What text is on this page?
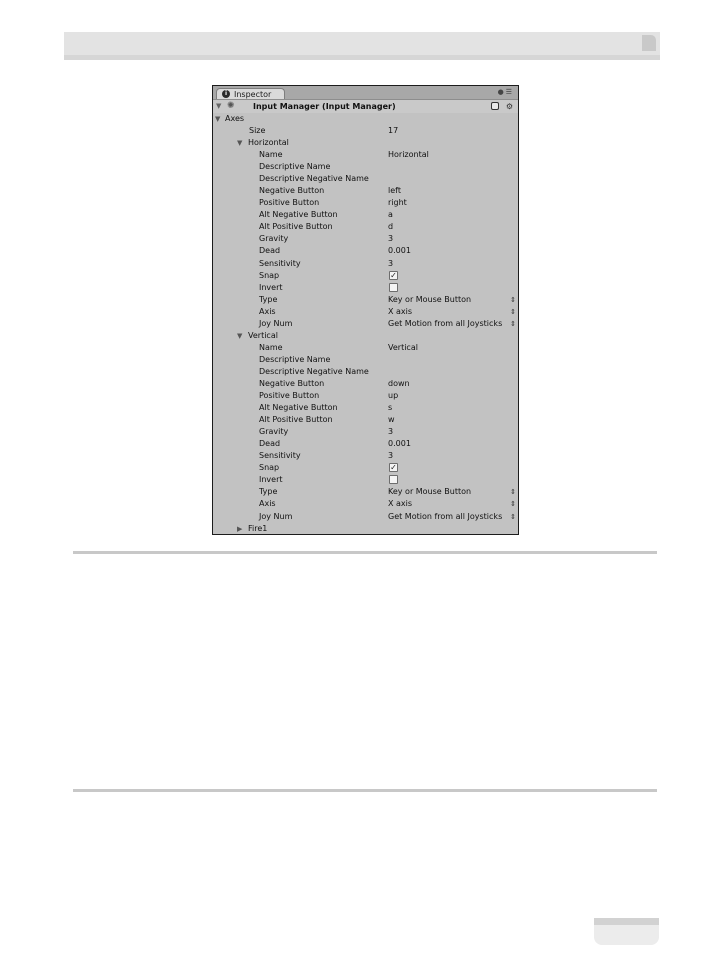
i Inspector	●☰
▼ ✺ Input Manager (Input Manager)	⚙
▼ Axes
Size	17
▼ Horizontal
Name	Horizontal
Descriptive Name
Descriptive Negative Name
Negative Button	left
Positive Button	right
Alt Negative Button	a
Alt Positive Button	d
Gravity	3
Dead	0.001
Sensitivity	3
Snap	✓
Invert
Type	Key or Mouse Button	⇕
Axis	X axis	⇕
Joy Num	Get Motion from all Joysticks ⇕
▼ Vertical
Name	Vertical
Descriptive Name
Descriptive Negative Name
Negative Button	down
Positive Button	up
Alt Negative Button	s
Alt Positive Button	w
Gravity	3
Dead	0.001
Sensitivity	3
Snap	✓
Invert
Type	Key or Mouse Button	⇕
Axis	X axis	⇕
Joy Num	Get Motion from all Joysticks ⇕
▶ Fire1
